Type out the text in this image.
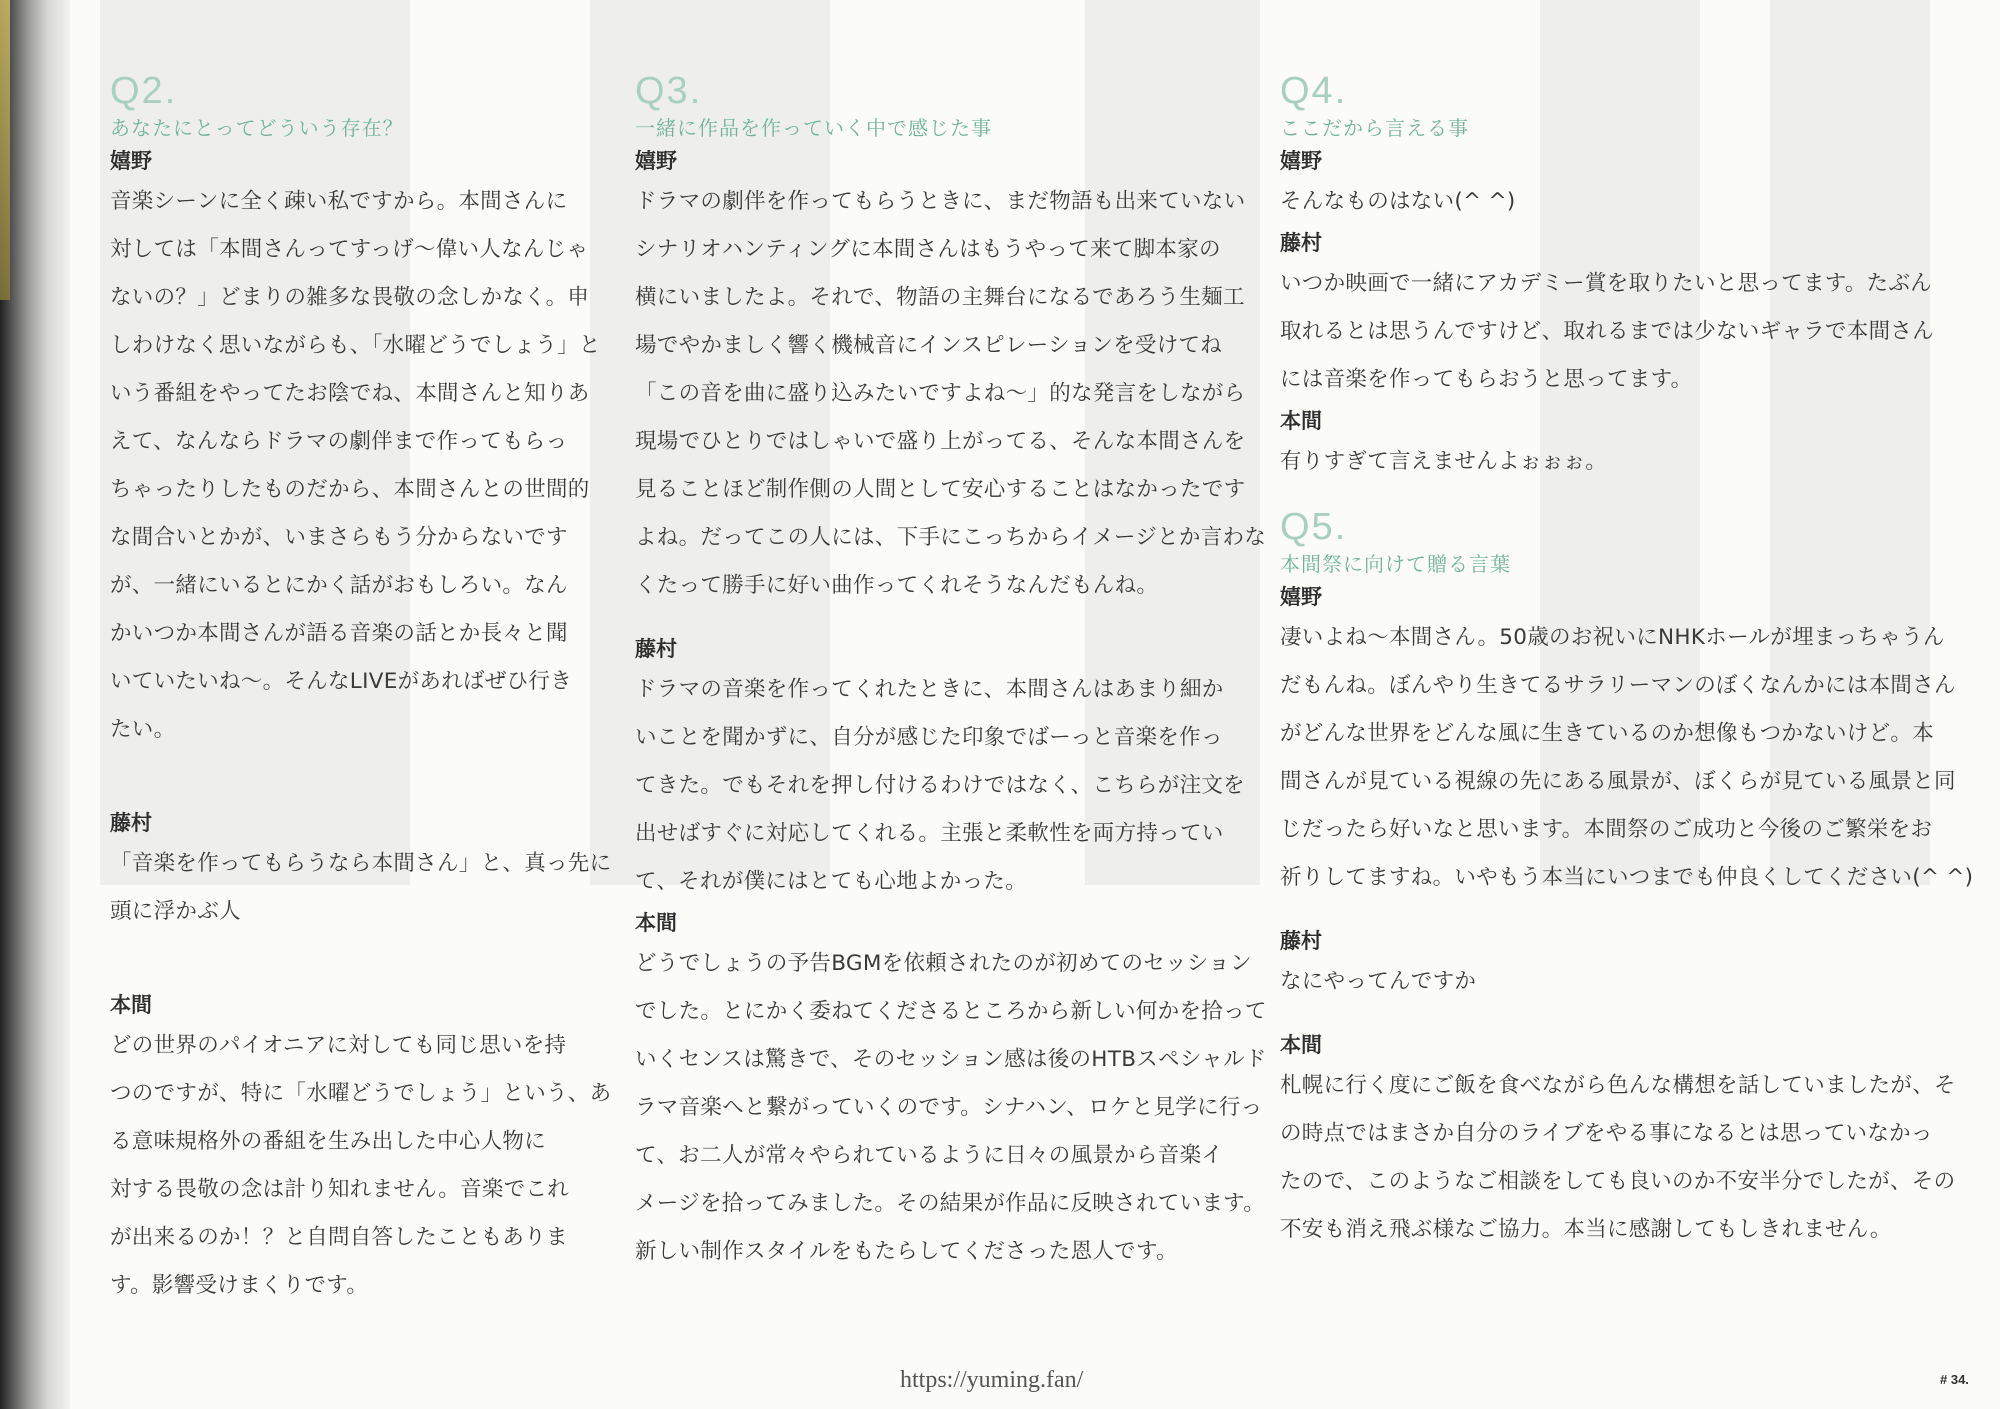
Q2.
あなたにとってどういう存在？
嬉野

音楽シーンに全く疎い私ですから。本間さんに

対しては「本間さんってすっげ〜偉い人なんじゃ

ないの？」どまりの雑多な畏敬の念しかなく。申

しわけなく思いながらも、「水曜どうでしょう」と

いう番組をやってたお陰でね、本間さんと知りあ

えて、なんならドラマの劇伴まで作ってもらっ

ちゃったりしたものだから、本間さんとの世間的

な間合いとかが、いまさらもう分からないです

が、一緒にいるとにかく話がおもしろい。なん

かいつか本間さんが語る音楽の話とか長々と聞

いていたいね〜。そんなLIVEがあればぜひ行き

たい。

藤村

「音楽を作ってもらうなら本間さん」と、真っ先に

頭に浮かぶ人

本間

どの世界のパイオニアに対しても同じ思いを持

つのですが、特に「水曜どうでしょう」という、あ

る意味規格外の番組を生み出した中心人物に

対する畏敬の念は計り知れません。音楽でこれ

が出来るのか！？と自問自答したこともありま

す。影響受けまくりです。

Q3.
一緒に作品を作っていく中で感じた事
嬉野

ドラマの劇伴を作ってもらうときに、まだ物語も出来ていない

シナリオハンティングに本間さんはもうやって来て脚本家の

横にいましたよ。それで、物語の主舞台になるであろう生麺工

場でやかましく響く機械音にインスピレーションを受けてね

「この音を曲に盛り込みたいですよね〜」的な発言をしながら

現場でひとりではしゃいで盛り上がってる、そんな本間さんを

見ることほど制作側の人間として安心することはなかったです

よね。だってこの人には、下手にこっちからイメージとか言わな

くたって勝手に好い曲作ってくれそうなんだもんね。

藤村

ドラマの音楽を作ってくれたときに、本間さんはあまり細か

いことを聞かずに、自分が感じた印象でばーっと音楽を作っ

てきた。でもそれを押し付けるわけではなく、こちらが注文を

出せばすぐに対応してくれる。主張と柔軟性を両方持ってい

て、それが僕にはとても心地よかった。

本間

どうでしょうの予告BGMを依頼されたのが初めてのセッション

でした。とにかく委ねてくださるところから新しい何かを拾って

いくセンスは驚きで、そのセッション感は後のHTBスペシャルド

ラマ音楽へと繋がっていくのです。シナハン、ロケと見学に行っ

て、お二人が常々やられているように日々の風景から音楽イ

メージを拾ってみました。その結果が作品に反映されています。

新しい制作スタイルをもたらしてくださった恩人です。

Q4.
ここだから言える事
嬉野

そんなものはない(^ ^)

藤村

いつか映画で一緒にアカデミー賞を取りたいと思ってます。たぶん

取れるとは思うんですけど、取れるまでは少ないギャラで本間さん

には音楽を作ってもらおうと思ってます。

本間

有りすぎて言えませんよぉぉぉ。

Q5.
本間祭に向けて贈る言葉
嬉野

凄いよね〜本間さん。50歳のお祝いにNHKホールが埋まっちゃうん

だもんね。ぼんやり生きてるサラリーマンのぼくなんかには本間さん

がどんな世界をどんな風に生きているのか想像もつかないけど。本

間さんが見ている視線の先にある風景が、ぼくらが見ている風景と同

じだったら好いなと思います。本間祭のご成功と今後のご繁栄をお

祈りしてますね。いやもう本当にいつまでも仲良くしてください(^ ^)

藤村

なにやってんですか

本間

札幌に行く度にご飯を食べながら色んな構想を話していましたが、そ

の時点ではまさか自分のライブをやる事になるとは思っていなかっ

たので、このようなご相談をしても良いのか不安半分でしたが、その

不安も消え飛ぶ様なご協力。本当に感謝してもしきれません。

https://yuming.fan/	# 34.
